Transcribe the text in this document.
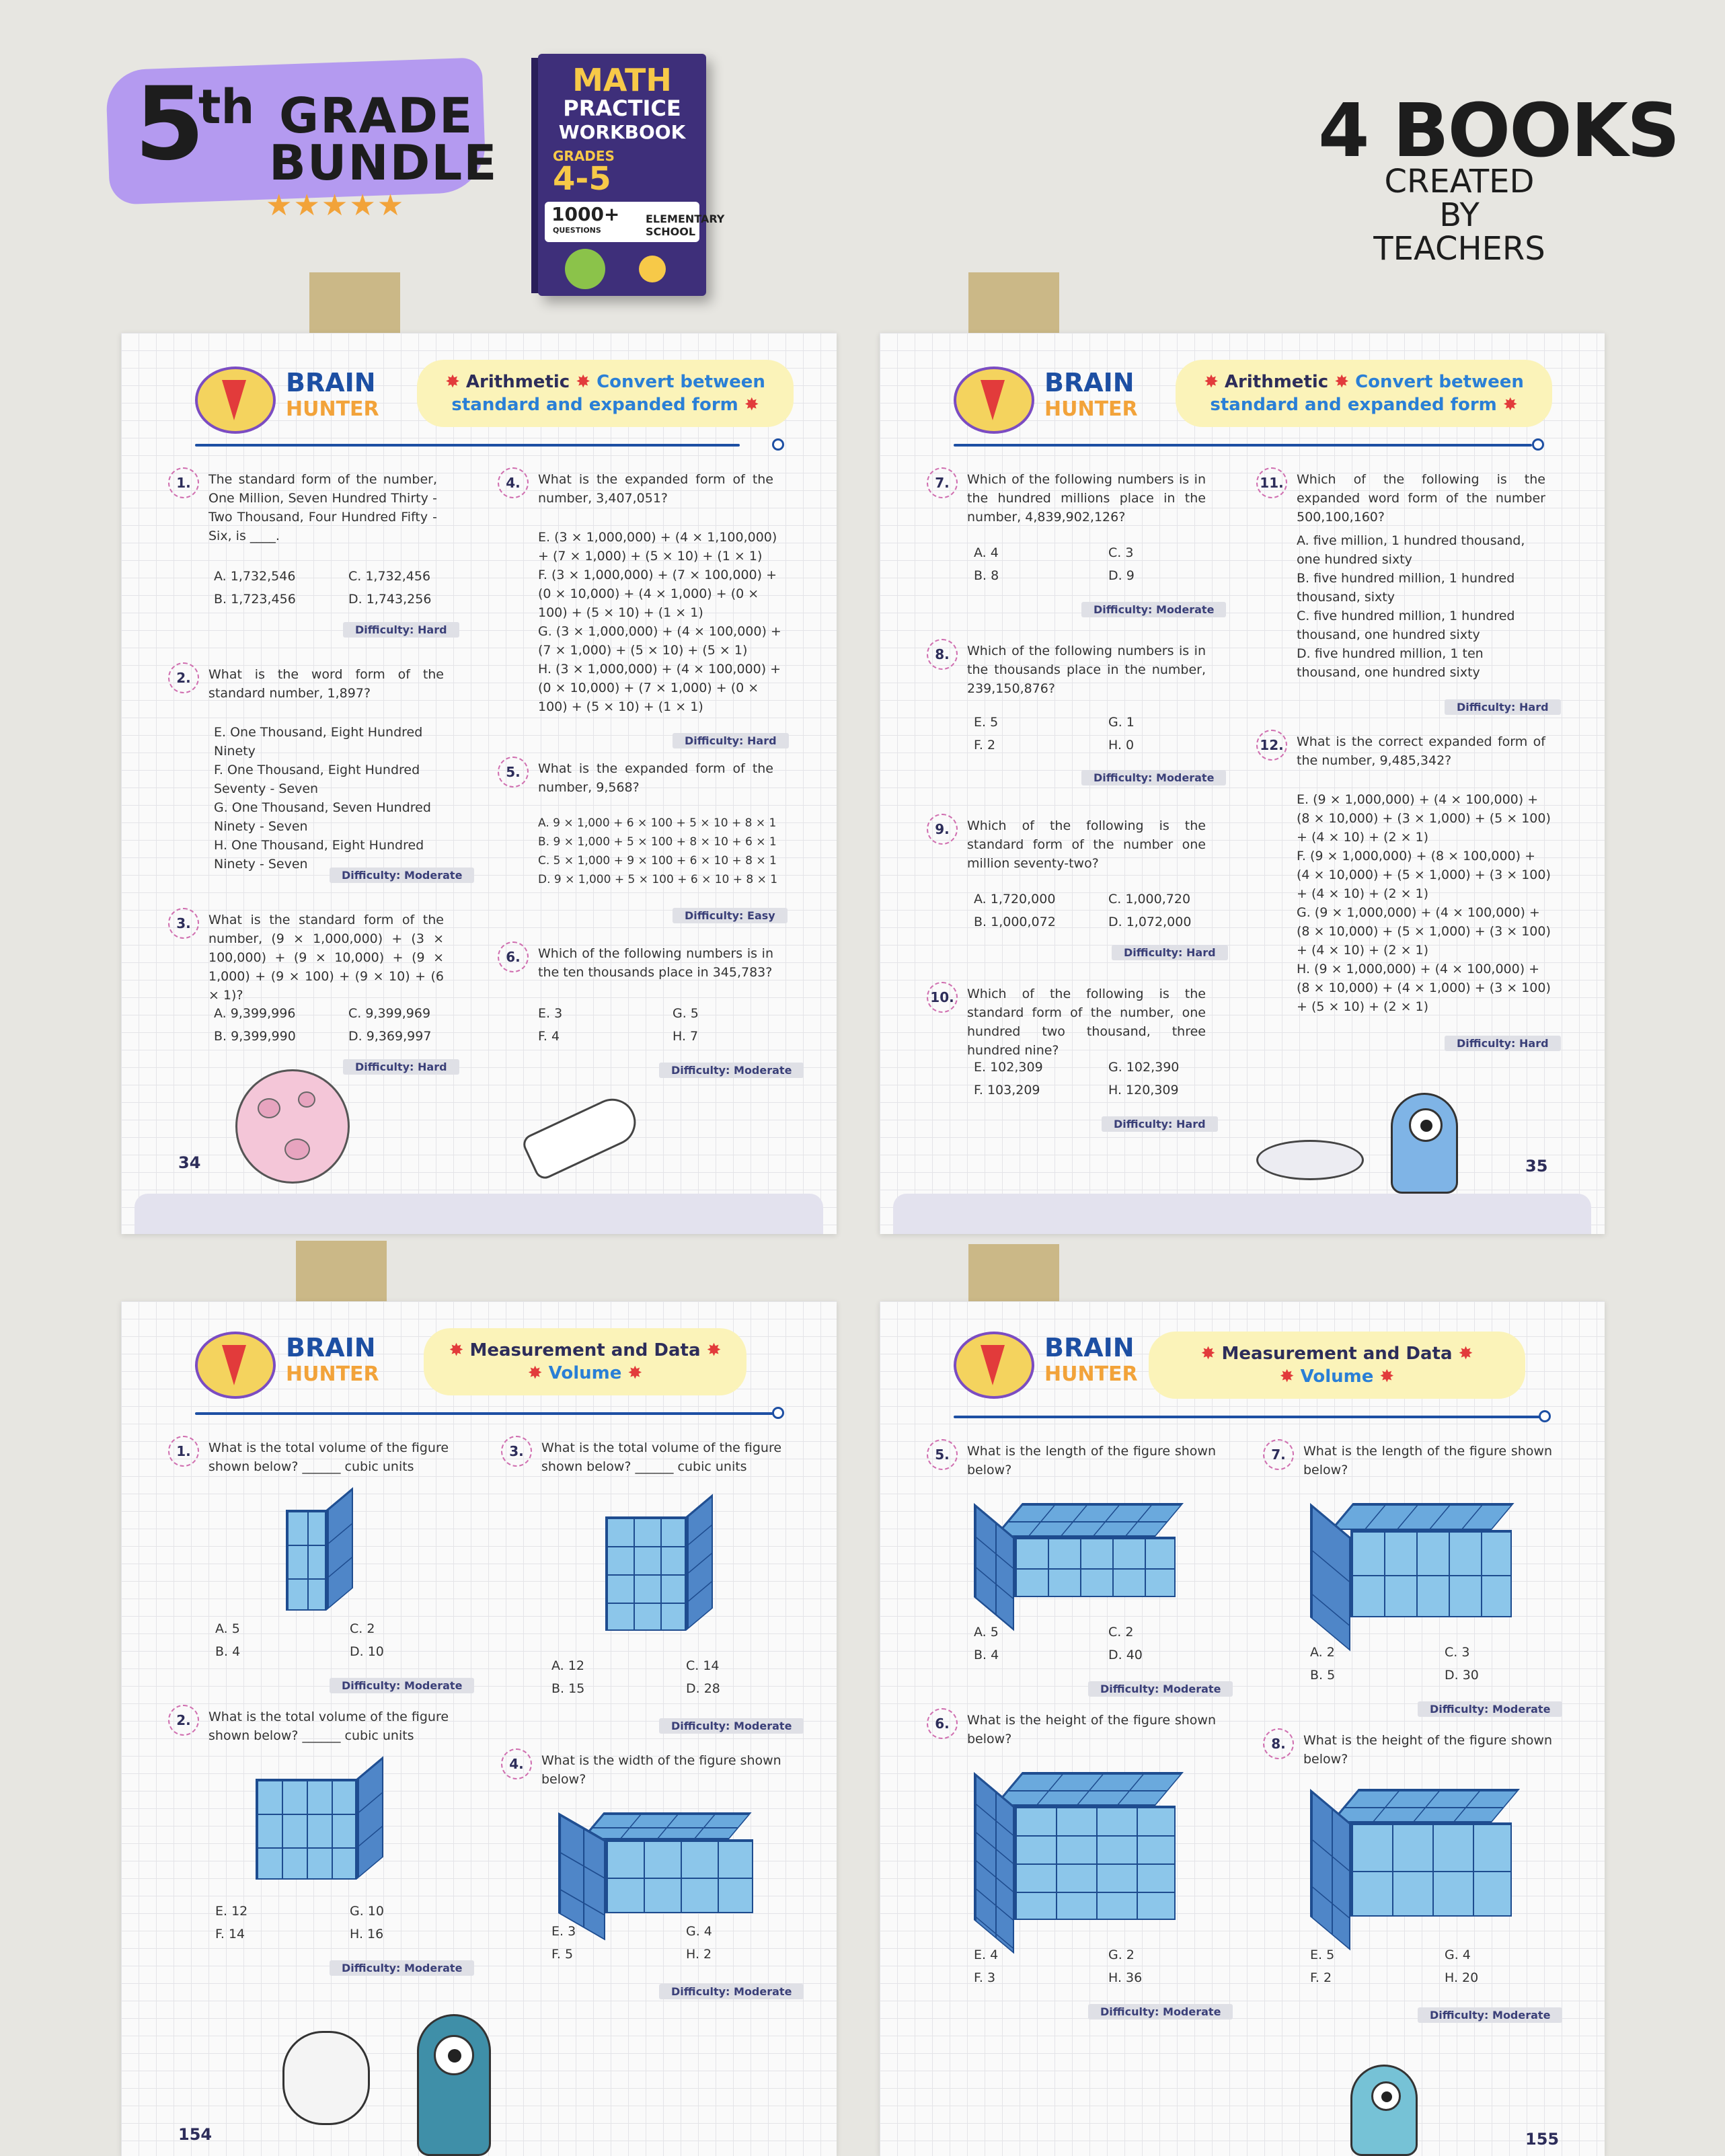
5
th GRADE
BUNDLE
★★★★★
MATH
PRACTICE
WORKBOOK
GRADES
4-5
1000+
QUESTIONS
ELEMENTARY SCHOOL
4 BOOKS
CREATED BY
TEACHERS
BRAIN
HUNTER
✸ Arithmetic ✸ Convert between
standard and expanded form ✸
1.	The standard form of the number, One Million, Seven Hundred Thirty - Two Thousand, Four Hundred Fifty - Six, is ____.
A. 1,732,546
B. 1,723,456
C. 1,732,456
D. 1,743,256
Difficulty: Hard
2.	What is the word form of the standard number, 1,897?
E. One Thousand, Eight Hundred Ninety
F. One Thousand, Eight Hundred Seventy - Seven
G. One Thousand, Seven Hundred Ninety - Seven
H. One Thousand, Eight Hundred Ninety - Seven
Difficulty: Moderate
3.	What is the standard form of the number, (9 × 1,000,000) + (3 × 100,000) + (9 × 10,000) + (9 × 1,000) + (9 × 100) + (9 × 10) + (6 × 1)?
A. 9,399,996
B. 9,399,990
C. 9,399,969
D. 9,369,997
Difficulty: Hard
4.	What is the expanded form of the number, 3,407,051?
E. (3 × 1,000,000) + (4 × 1,100,000) + (7 × 1,000) + (5 × 10) + (1 × 1)
F. (3 × 1,000,000) + (7 × 100,000) + (0 × 10,000) + (4 × 1,000) + (0 × 100) + (5 × 10) + (1 × 1)
G. (3 × 1,000,000) + (4 × 100,000) + (7 × 1,000) + (5 × 10) + (5 × 1)
H. (3 × 1,000,000) + (4 × 100,000) + (0 × 10,000) + (7 × 1,000) + (0 × 100) + (5 × 10) + (1 × 1)
Difficulty: Hard
5.	What is the expanded form of the number, 9,568?
A. 9 × 1,000 + 6 × 100 + 5 × 10 + 8 × 1
B. 9 × 1,000 + 5 × 100 + 8 × 10 + 6 × 1
C. 5 × 1,000 + 9 × 100 + 6 × 10 + 8 × 1
D. 9 × 1,000 + 5 × 100 + 6 × 10 + 8 × 1
Difficulty: Easy
6.	Which of the following numbers is in the ten thousands place in 345,783?
E. 3
F. 4
G. 5
H. 7
Difficulty: Moderate
34
BRAIN
HUNTER
✸ Arithmetic ✸ Convert between
standard and expanded form ✸
7.	Which of the following numbers is in the hundred millions place in the number, 4,839,902,126?
A. 4
B. 8
C. 3
D. 9
Difficulty: Moderate
8.	Which of the following numbers is in the thousands place in the number, 239,150,876?
E. 5
F. 2
G. 1
H. 0
Difficulty: Moderate
9.	Which of the following is the standard form of the number one million seventy-two?
A. 1,720,000
B. 1,000,072
C. 1,000,720
D. 1,072,000
Difficulty: Hard
10. Which of the following is the standard form of the number, one hundred two thousand, three hundred nine?
E. 102,309
F. 103,209
G. 102,390
H. 120,309
Difficulty: Hard
11. Which of the following is the expanded word form of the number 500,100,160?
A. five million, 1 hundred thousand, one hundred sixty
B. five hundred million, 1 hundred thousand, sixty
C. five hundred million, 1 hundred thousand, one hundred sixty
D. five hundred million, 1 ten thousand, one hundred sixty
Difficulty: Hard
12. What is the correct expanded form of the number, 9,485,342?
E. (9 × 1,000,000) + (4 × 100,000) + (8 × 10,000) + (3 × 1,000) + (5 × 100) + (4 × 10) + (2 × 1)
F. (9 × 1,000,000) + (8 × 100,000) + (4 × 10,000) + (5 × 1,000) + (3 × 100) + (4 × 10) + (2 × 1)
G. (9 × 1,000,000) + (4 × 100,000) + (8 × 10,000) + (5 × 1,000) + (3 × 100) + (4 × 10) + (2 × 1)
H. (9 × 1,000,000) + (4 × 100,000) + (8 × 10,000) + (4 × 1,000) + (3 × 100) + (5 × 10) + (2 × 1)
Difficulty: Hard
35
BRAIN
HUNTER
✸ Measurement and Data ✸
✸ Volume ✸
1.	What is the total volume of the figure shown below? ______ cubic units
A. 5
B. 4
C. 2
D. 10
Difficulty: Moderate
2.	What is the total volume of the figure shown below? ______ cubic units
E. 12
F. 14
G. 10
H. 16
Difficulty: Moderate
3.	What is the total volume of the figure shown below? ______ cubic units
A. 12
B. 15
C. 14
D. 28
Difficulty: Moderate
4.	What is the width of the figure shown below?
E. 3
F. 5
G. 4
H. 2
Difficulty: Moderate
154
BRAIN
HUNTER
✸ Measurement and Data ✸
✸ Volume ✸
5.	What is the length of the figure shown below?
A. 5
B. 4
C. 2
D. 40
Difficulty: Moderate
6.	What is the height of the figure shown below?
E. 4
F. 3
G. 2
H. 36
Difficulty: Moderate
7.	What is the length of the figure shown below?
A. 2
B. 5
C. 3
D. 30
Difficulty: Moderate
8.	What is the height of the figure shown below?
E. 5
F. 2
G. 4
H. 20
Difficulty: Moderate
155
